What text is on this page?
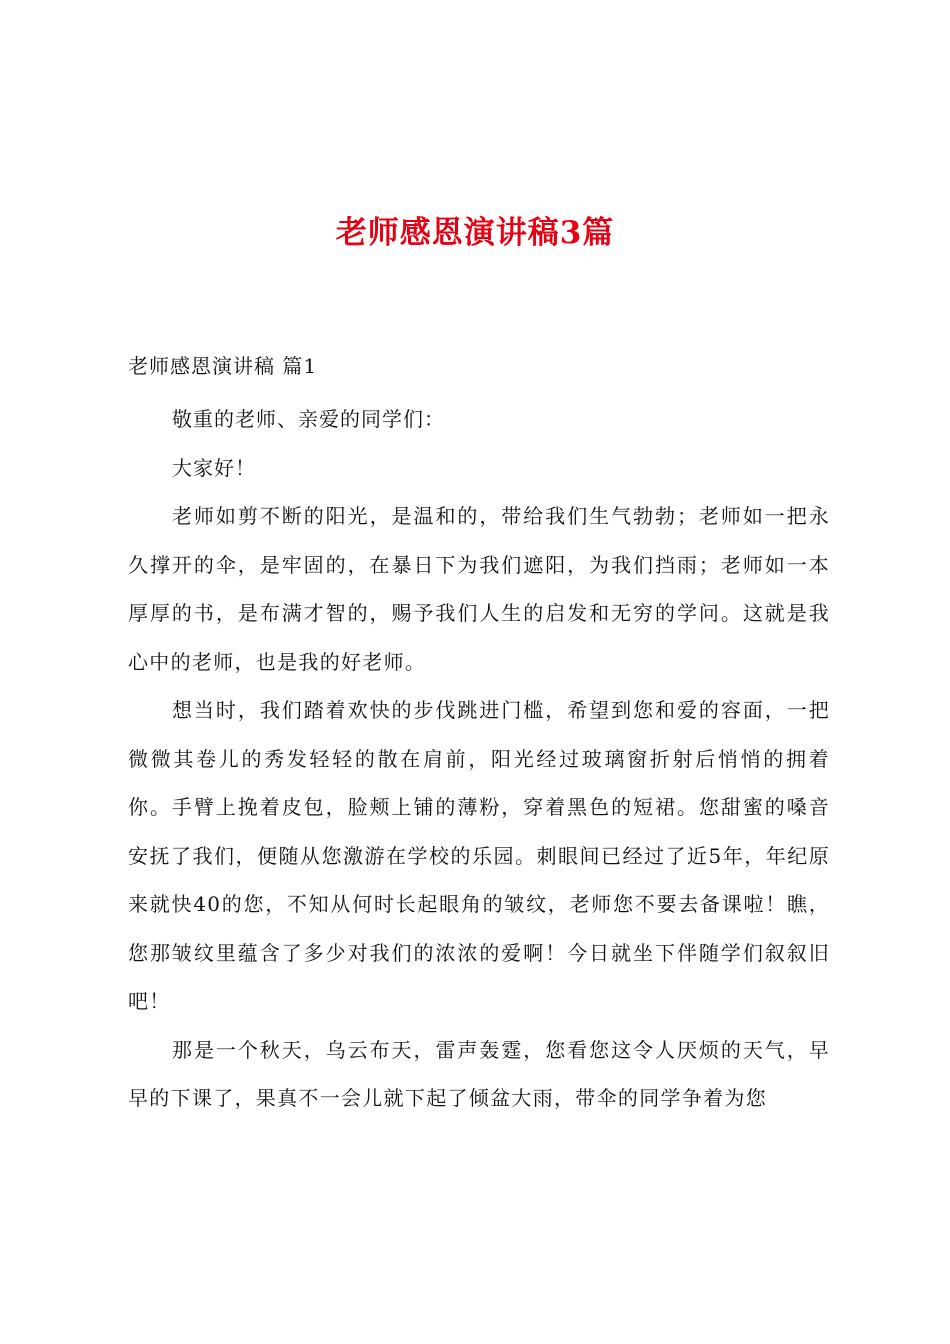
老师感恩演讲稿3篇

老师感恩演讲稿 篇1

敬重的老师、亲爱的同学们：

大家好！

老师如剪不断的阳光，是温和的，带给我们生气勃勃；老师如一把永久撑开的伞，是牢固的，在暴日下为我们遮阳，为我们挡雨；老师如一本厚厚的书，是布满才智的，赐予我们人生的启发和无穷的学问。这就是我心中的老师，也是我的好老师。

想当时，我们踏着欢快的步伐跳进门槛，希望到您和爱的容面，一把微微其卷儿的秀发轻轻的散在肩前，阳光经过玻璃窗折射后悄悄的拥着你。手臂上挽着皮包，脸颊上铺的薄粉，穿着黑色的短裙。您甜蜜的嗓音安抚了我们，便随从您激游在学校的乐园。刺眼间已经过了近5年，年纪原来就快40的您，不知从何时长起眼角的皱纹，老师您不要去备课啦！瞧，您那皱纹里蕴含了多少对我们的浓浓的爱啊！今日就坐下伴随学们叙叙旧吧！

那是一个秋天，乌云布天，雷声轰霆，您看您这令人厌烦的天气，早早的下课了，果真不一会儿就下起了倾盆大雨，带伞的同学争着为您
